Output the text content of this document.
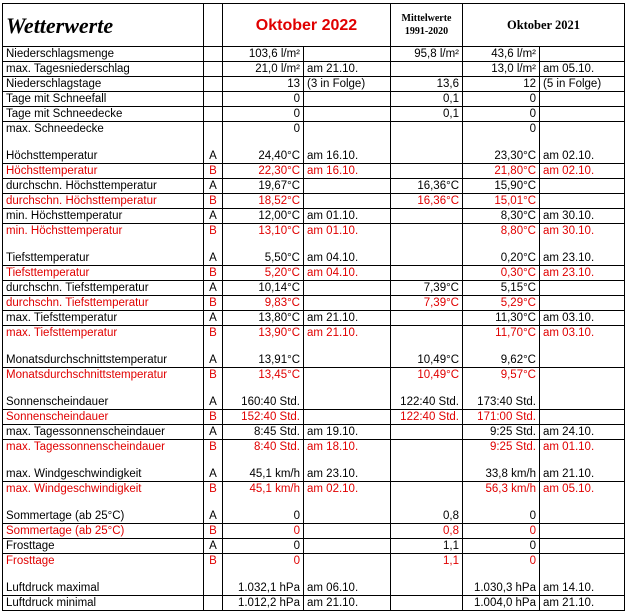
Wetterwerte		Oktober 2022		Mittelwerte
1991-2020	Oktober 2021	
Niederschlagsmenge		103,6 l/m²		95,8 l/m²	43,6 l/m²	
max. Tagesniederschlag		21,0 l/m²	am 21.10.		13,0 l/m²	am 05.10.
Niederschlagstage		13	(3 in Folge)	13,6	12	(5 in Folge)
Tage mit Schneefall		0		0,1	0	
Tage mit Schneedecke		0		0,1	0	
max. Schneedecke		0			0	

Höchsttemperatur	A	24,40°C	am 16.10.		23,30°C	am 02.10.
Höchsttemperatur	B	22,30°C	am 16.10.		21,80°C	am 02.10.
durchschn. Höchsttemperatur	A	19,67°C		16,36°C	15,90°C	
durchschn. Höchsttemperatur	B	18,52°C		16,36°C	15,01°C	
min. Höchsttemperatur	A	12,00°C	am 01.10.		8,30°C	am 30.10.
min. Höchsttemperatur	B	13,10°C	am 01.10.		8,80°C	am 30.10.

Tiefsttemperatur	A	5,50°C	am 04.10.		0,20°C	am 23.10.
Tiefsttemperatur	B	5,20°C	am 04.10.		0,30°C	am 23.10.
durchschn. Tiefsttemperatur	A	10,14°C		7,39°C	5,15°C	
durchschn. Tiefsttemperatur	B	9,83°C		7,39°C	5,29°C	
max. Tiefsttemperatur	A	13,80°C	am 21.10.		11,30°C	am 03.10.
max. Tiefsttemperatur	B	13,90°C	am 21.10.		11,70°C	am 03.10.

Monatsdurchschnittstemperatur	A	13,91°C		10,49°C	9,62°C	
Monatsdurchschnittstemperatur	B	13,45°C		10,49°C	9,57°C	

Sonnenscheindauer	A	160:40 Std.		122:40 Std.	173:40 Std.	
Sonnenscheindauer	B	152:40 Std.		122:40 Std.	171:00 Std.	
max. Tagessonnenscheindauer	A	8:45 Std.	am 19.10.		9:25 Std.	am 24.10.
max. Tagessonnenscheindauer	B	8:40 Std.	am 18.10.		9:25 Std.	am 01.10.

max. Windgeschwindigkeit	A	45,1 km/h	am 23.10.		33,8 km/h	am 21.10.
max. Windgeschwindigkeit	B	45,1 km/h	am 02.10.		56,3 km/h	am 05.10.

Sommertage (ab 25°C)	A	0		0,8	0	
Sommertage (ab 25°C)	B	0		0,8	0	
Frosttage	A	0		1,1	0	
Frosttage	B	0		1,1	0	

Luftdruck maximal		1.032,1 hPa	am 06.10.		1.030,3 hPa	am 14.10.
Luftdruck minimal		1.012,2 hPa	am 21.10.		1.004,0 hPa	am 21.10.
